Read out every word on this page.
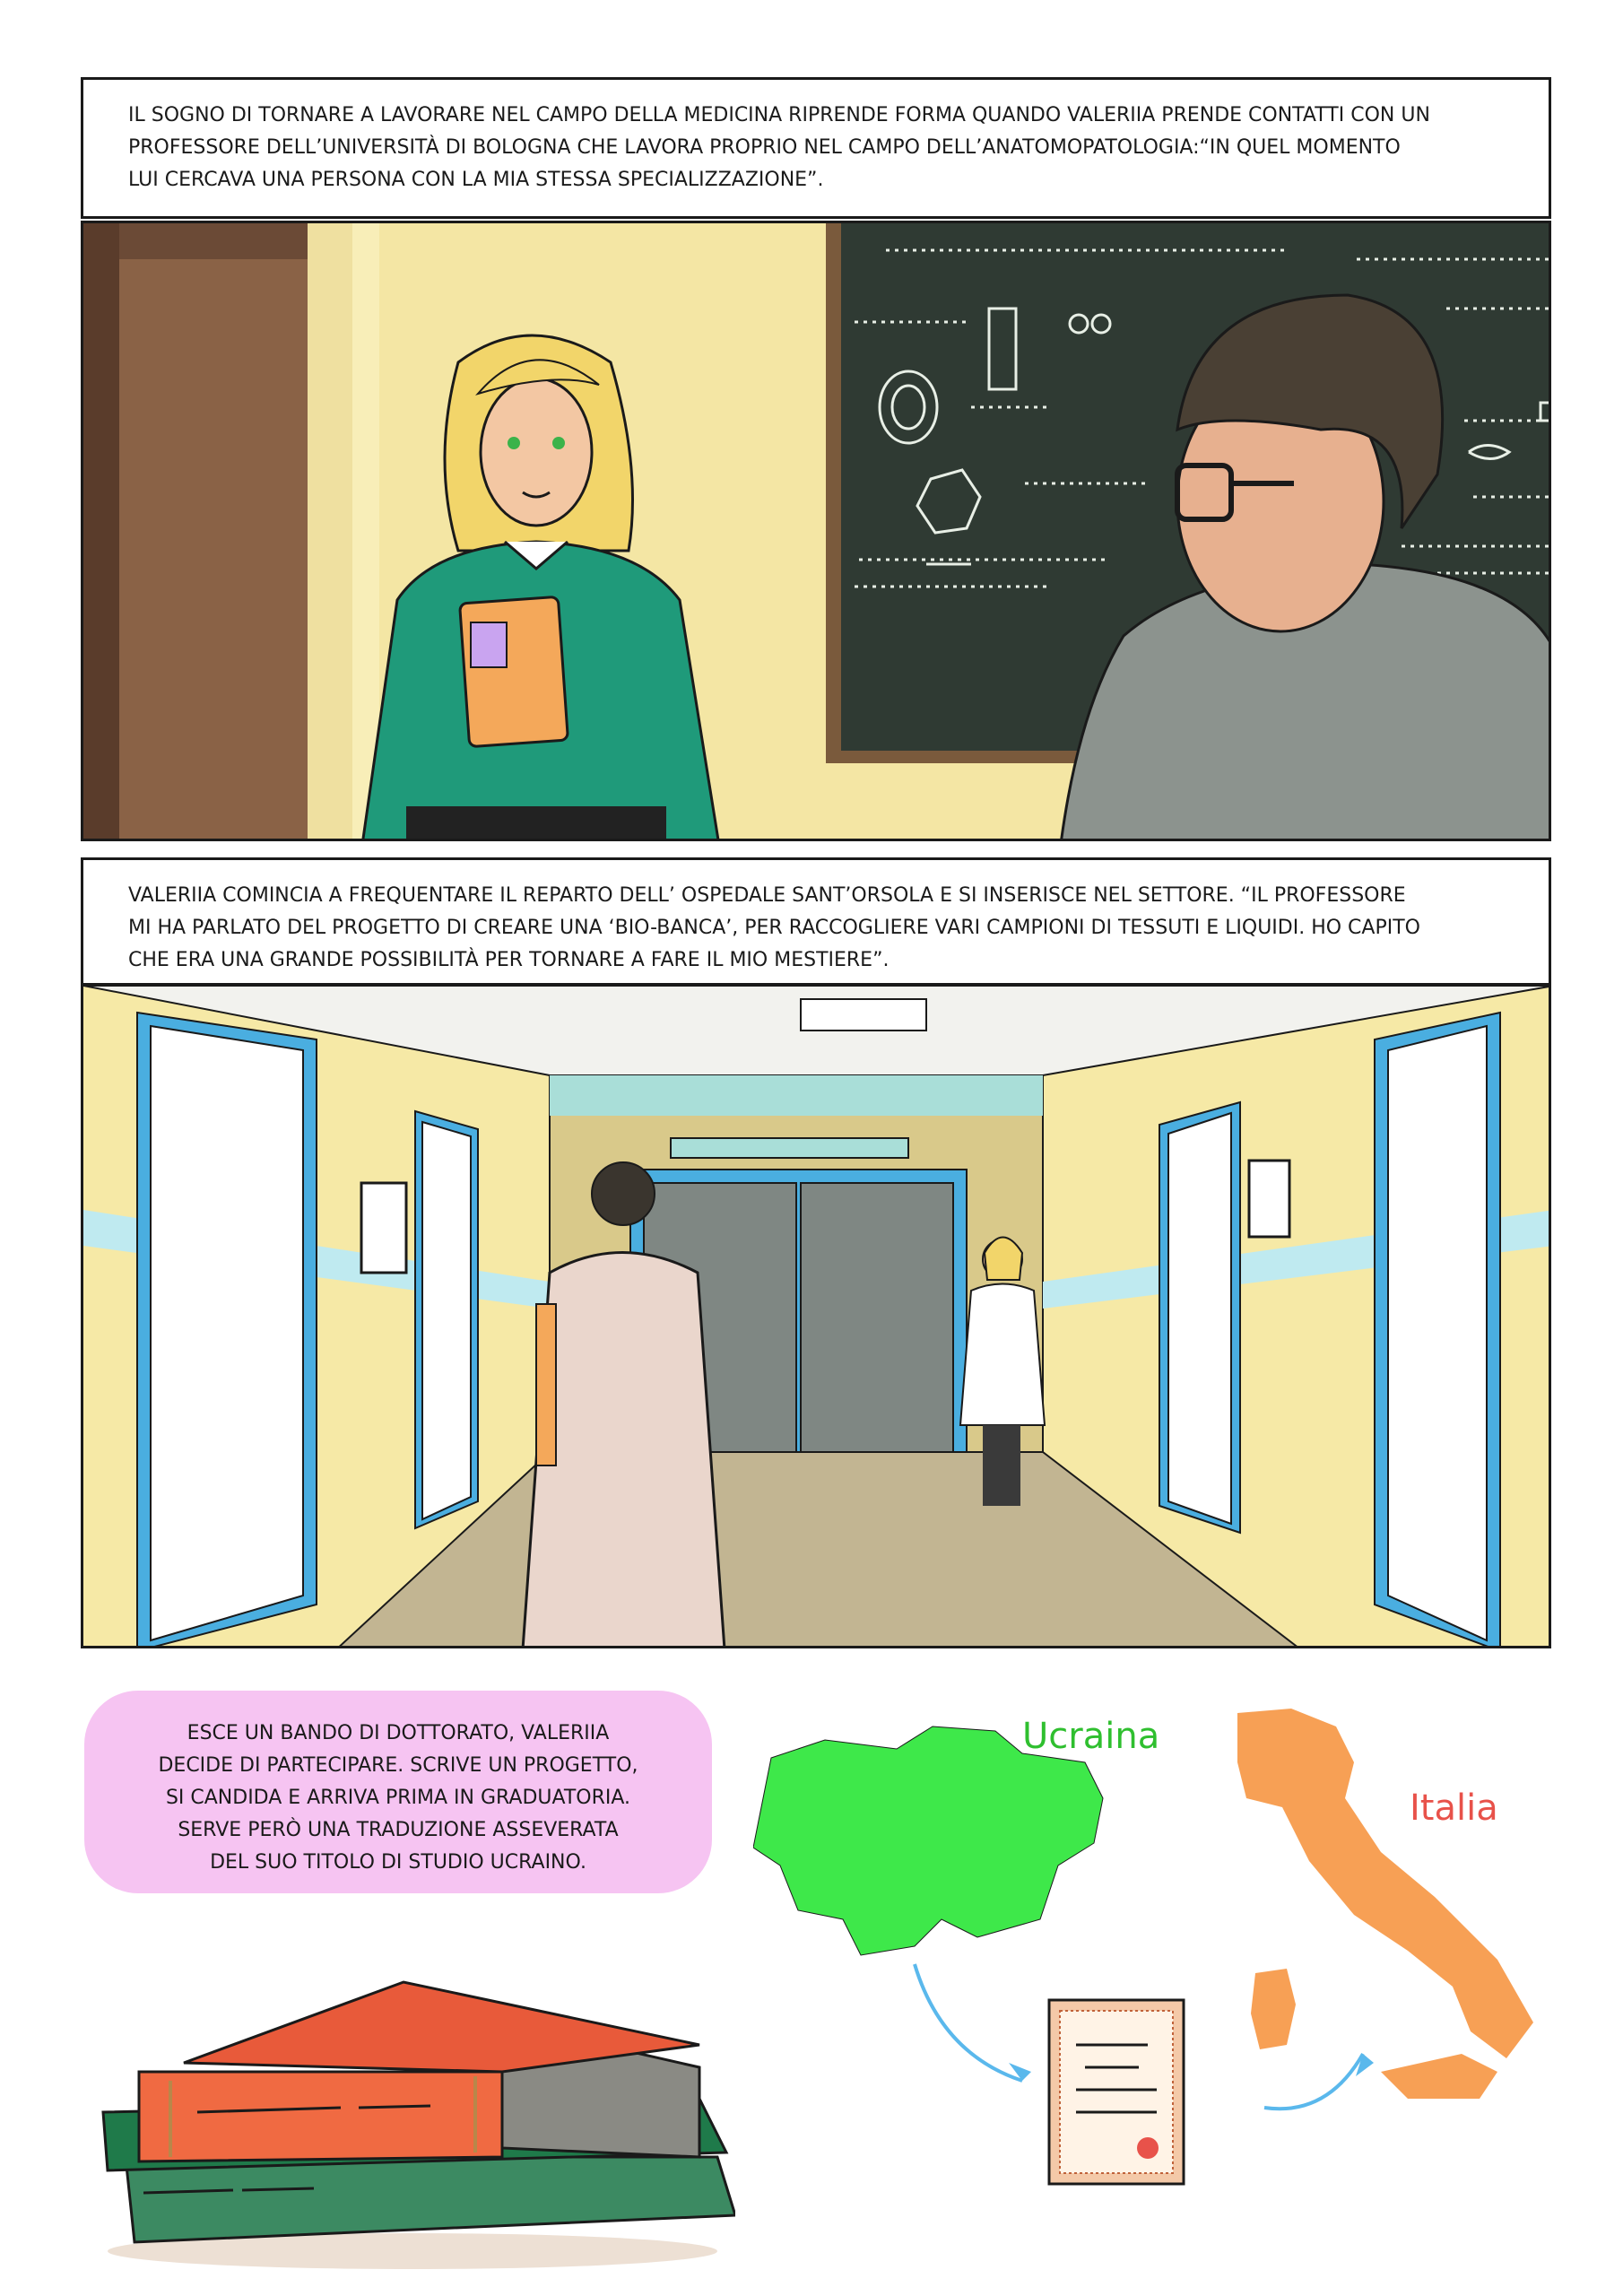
IL SOGNO DI TORNARE A LAVORARE NEL CAMPO DELLA MEDICINA RIPRENDE FORMA QUANDO VALERIIA PRENDE CONTATTI CON UN
PROFESSORE DELL’UNIVERSITÀ DI BOLOGNA CHE LAVORA PROPRIO NEL CAMPO DELL’ANATOMOPATOLOGIA:“IN QUEL MOMENTO
LUI CERCAVA UNA PERSONA CON LA MIA STESSA SPECIALIZZAZIONE”.
VALERIIA COMINCIA A FREQUENTARE IL REPARTO DELL’ OSPEDALE SANT’ORSOLA E SI INSERISCE NEL SETTORE. “IL PROFESSORE
MI HA PARLATO DEL PROGETTO DI CREARE UNA ‘BIO-BANCA’, PER RACCOGLIERE VARI CAMPIONI DI TESSUTI E LIQUIDI. HO CAPITO
CHE ERA UNA GRANDE POSSIBILITÀ PER TORNARE A FARE IL MIO MESTIERE”.
ESCE UN BANDO DI DOTTORATO, VALERIIA
DECIDE DI PARTECIPARE. SCRIVE UN PROGETTO,
SI CANDIDA E ARRIVA PRIMA IN GRADUATORIA.
SERVE PERÒ UNA TRADUZIONE ASSEVERATA
DEL SUO TITOLO DI STUDIO UCRAINO.
Ucraina
Italia
